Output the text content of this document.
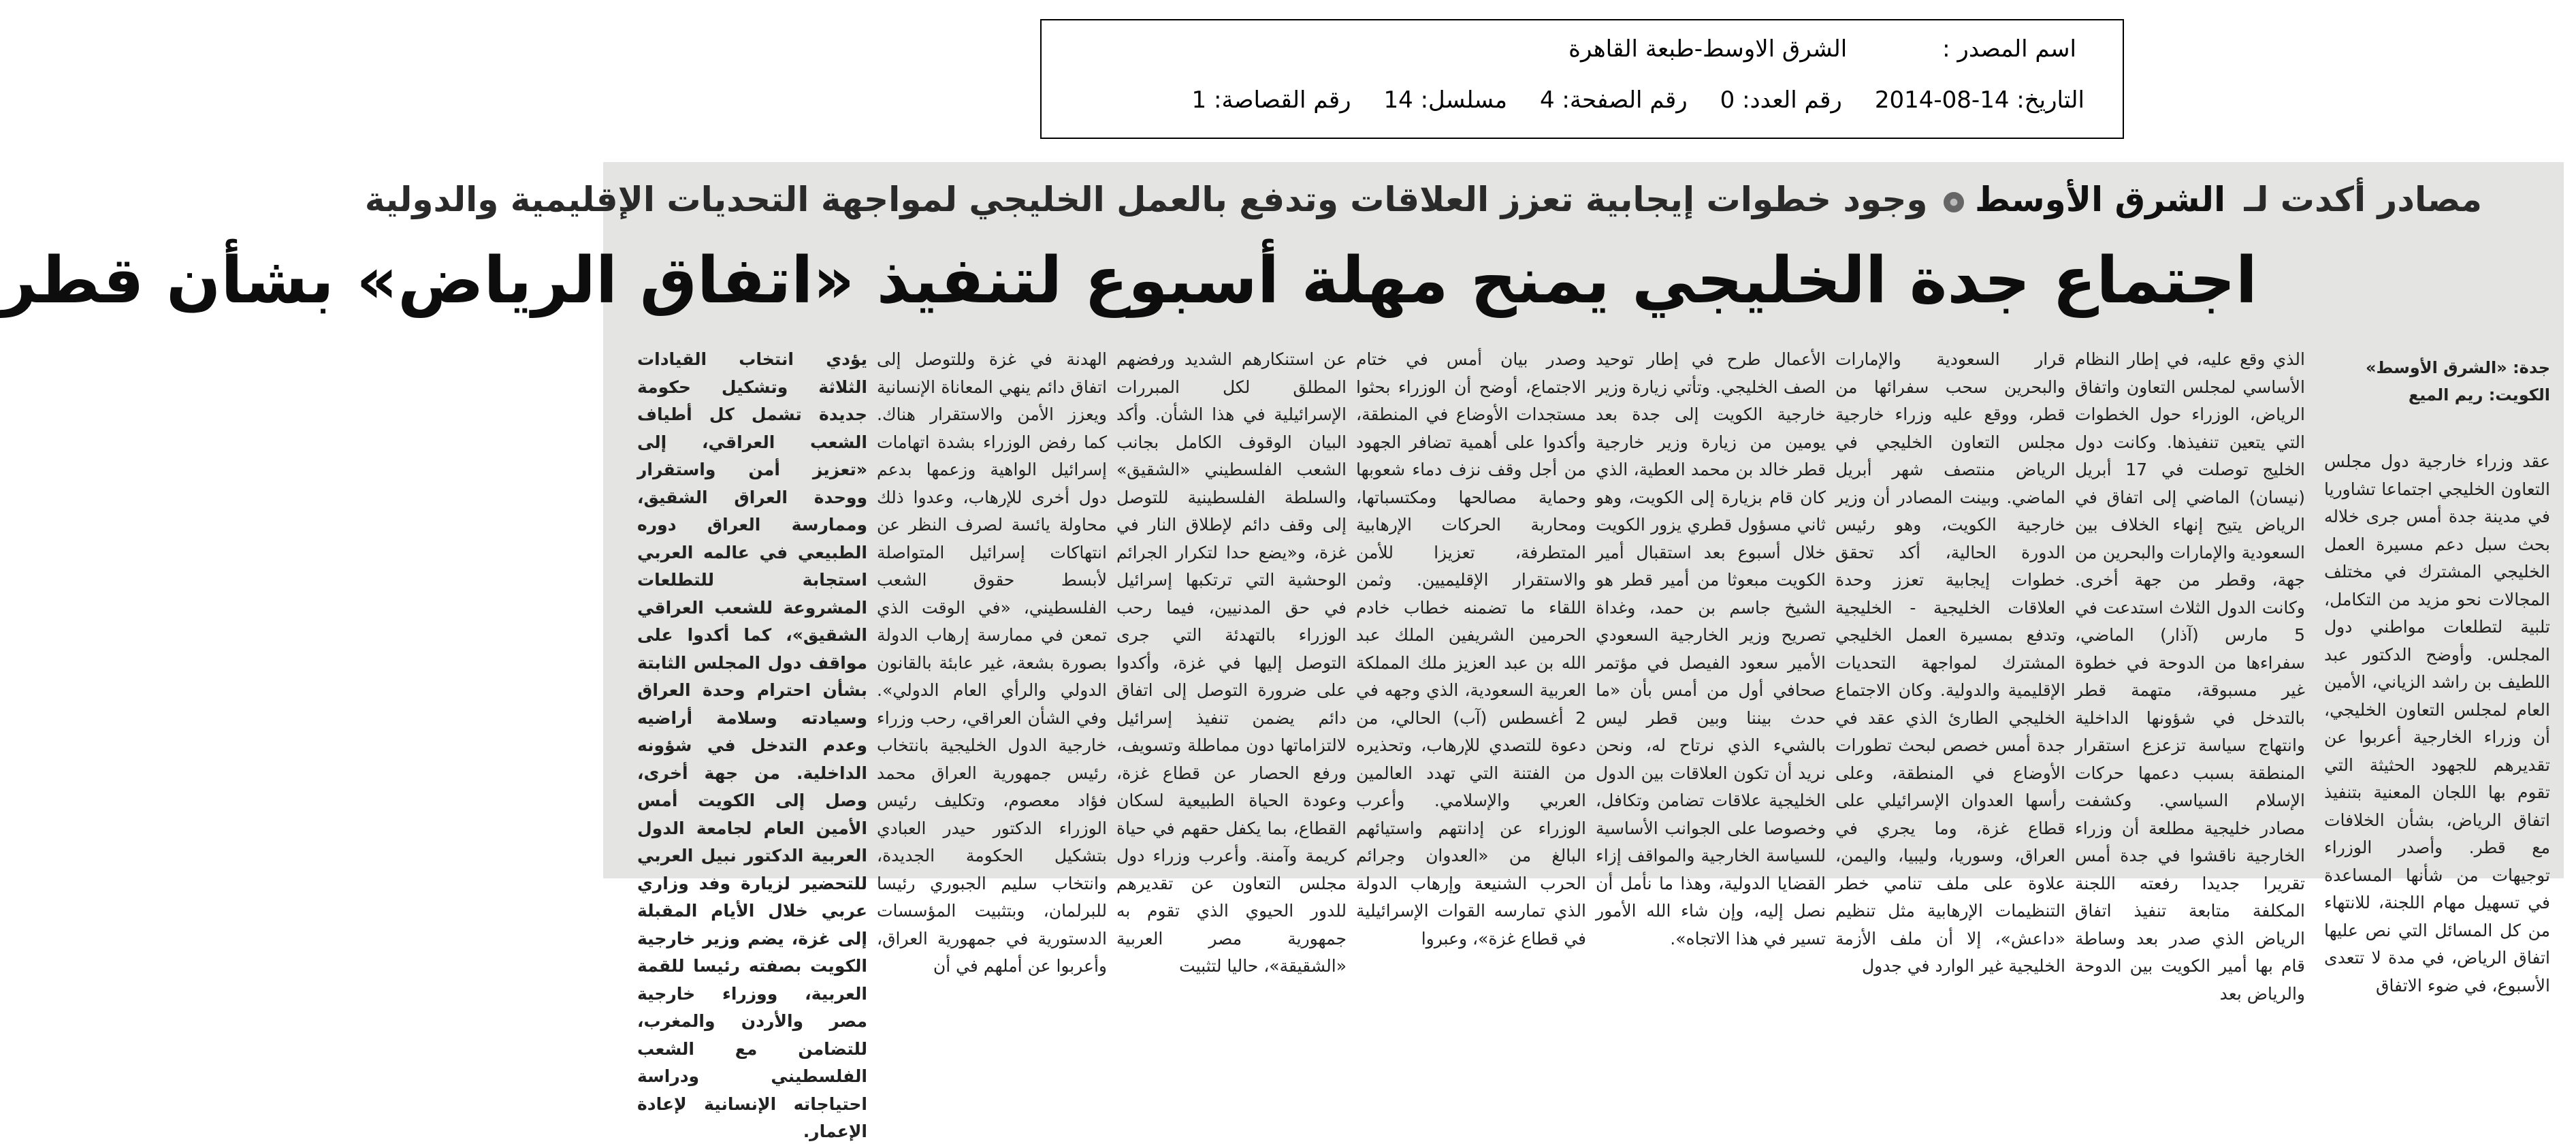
اسم المصدر :الشرق الاوسط-طبعة القاهرة
التاريخ: 14-08-2014رقم العدد: 0رقم الصفحة: 4مسلسل: 14رقم القصاصة: 1
مصادر أكدت لـ الشرق الأوسط وجود خطوات إيجابية تعزز العلاقات وتدفع بالعمل الخليجي لمواجهة التحديات الإقليمية والدولية
اجتماع جدة الخليجي يمنح مهلة أسبوع لتنفيذ «اتفاق الرياض» بشأن قطر
جدة: «الشرق الأوسط» الكويت: ريم الميع
عقد وزراء خارجية دول مجلس التعاون الخليجي اجتماعا تشاوريا في مدينة جدة أمس جرى خلاله بحث سبل دعم مسيرة العمل الخليجي المشترك في مختلف المجالات نحو مزيد من التكامل، تلبية لتطلعات مواطني دول المجلس. وأوضح الدكتور عبد اللطيف بن راشد الزياني، الأمين العام لمجلس التعاون الخليجي، أن وزراء الخارجية أعربوا عن تقديرهم للجهود الحثيثة التي تقوم بها اللجان المعنية بتنفيذ اتفاق الرياض، بشأن الخلافات مع قطر. وأصدر الوزراء توجيهات من شأنها المساعدة في تسهيل مهام اللجنة، للانتهاء من كل المسائل التي نص عليها اتفاق الرياض، في مدة لا تتعدى الأسبوع، في ضوء الاتفاق
الذي وقع عليه، في إطار النظام الأساسي لمجلس التعاون واتفاق الرياض، الوزراء حول الخطوات التي يتعين تنفيذها. وكانت دول الخليج توصلت في 17 أبريل (نيسان) الماضي إلى اتفاق في الرياض يتيح إنهاء الخلاف بين السعودية والإمارات والبحرين من جهة، وقطر من جهة أخرى. وكانت الدول الثلاث استدعت في 5 مارس (آذار) الماضي، سفراءها من الدوحة في خطوة غير مسبوقة، متهمة قطر بالتدخل في شؤونها الداخلية وانتهاج سياسة تزعزع استقرار المنطقة بسبب دعمها حركات الإسلام السياسي. وكشفت مصادر خليجية مطلعة أن وزراء الخارجية ناقشوا في جدة أمس تقريرا جديدا رفعته اللجنة المكلفة متابعة تنفيذ اتفاق الرياض الذي صدر بعد وساطة قام بها أمير الكويت بين الدوحة والرياض بعد
قرار السعودية والإمارات والبحرين سحب سفرائها من قطر، ووقع عليه وزراء خارجية مجلس التعاون الخليجي في الرياض منتصف شهر أبريل الماضي. وبينت المصادر أن وزير خارجية الكويت، وهو رئيس الدورة الحالية، أكد تحقق خطوات إيجابية تعزز وحدة العلاقات الخليجية - الخليجية وتدفع بمسيرة العمل الخليجي المشترك لمواجهة التحديات الإقليمية والدولية. وكان الاجتماع الخليجي الطارئ الذي عقد في جدة أمس خصص لبحث تطورات الأوضاع في المنطقة، وعلى رأسها العدوان الإسرائيلي على قطاع غزة، وما يجري في العراق، وسوريا، وليبيا، واليمن، علاوة على ملف تنامي خطر التنظيمات الإرهابية مثل تنظيم «داعش»، إلا أن ملف الأزمة الخليجية غير الوارد في جدول
الأعمال طرح في إطار توحيد الصف الخليجي. وتأتي زيارة وزير خارجية الكويت إلى جدة بعد يومين من زيارة وزير خارجية قطر خالد بن محمد العطية، الذي كان قام بزيارة إلى الكويت، وهو ثاني مسؤول قطري يزور الكويت خلال أسبوع بعد استقبال أمير الكويت مبعوثا من أمير قطر هو الشيخ جاسم بن حمد، وغداة تصريح وزير الخارجية السعودي الأمير سعود الفيصل في مؤتمر صحافي أول من أمس بأن «ما حدث بيننا وبين قطر ليس بالشيء الذي نرتاح له، ونحن نريد أن تكون العلاقات بين الدول الخليجية علاقات تضامن وتكافل، وخصوصا على الجوانب الأساسية للسياسة الخارجية والمواقف إزاء القضايا الدولية، وهذا ما نأمل أن نصل إليه، وإن شاء الله الأمور تسير في هذا الاتجاه».
وصدر بيان أمس في ختام الاجتماع، أوضح أن الوزراء بحثوا مستجدات الأوضاع في المنطقة، وأكدوا على أهمية تضافر الجهود من أجل وقف نزف دماء شعوبها وحماية مصالحها ومكتسباتها، ومحاربة الحركات الإرهابية المتطرفة، تعزيزا للأمن والاستقرار الإقليميين. وثمن اللقاء ما تضمنه خطاب خادم الحرمين الشريفين الملك عبد الله بن عبد العزيز ملك المملكة العربية السعودية، الذي وجهه في 2 أغسطس (آب) الحالي، من دعوة للتصدي للإرهاب، وتحذيره من الفتنة التي تهدد العالمين العربي والإسلامي. وأعرب الوزراء عن إدانتهم واستيائهم البالغ من «العدوان وجرائم الحرب الشنيعة وإرهاب الدولة الذي تمارسه القوات الإسرائيلية في قطاع غزة»، وعبروا
عن استنكارهم الشديد ورفضهم المطلق لكل المبررات الإسرائيلية في هذا الشأن. وأكد البيان الوقوف الكامل بجانب الشعب الفلسطيني «الشقيق» والسلطة الفلسطينية للتوصل إلى وقف دائم لإطلاق النار في غزة، و«يضع حدا لتكرار الجرائم الوحشية التي ترتكبها إسرائيل في حق المدنيين، فيما رحب الوزراء بالتهدئة التي جرى التوصل إليها في غزة، وأكدوا على ضرورة التوصل إلى اتفاق دائم يضمن تنفيذ إسرائيل لالتزاماتها دون مماطلة وتسويف، ورفع الحصار عن قطاع غزة، وعودة الحياة الطبيعية لسكان القطاع، بما يكفل حقهم في حياة كريمة وآمنة. وأعرب وزراء دول مجلس التعاون عن تقديرهم للدور الحيوي الذي تقوم به جمهورية مصر العربية «الشقيقة»، حاليا لتثبيت
الهدنة في غزة وللتوصل إلى اتفاق دائم ينهي المعاناة الإنسانية ويعزز الأمن والاستقرار هناك. كما رفض الوزراء بشدة اتهامات إسرائيل الواهية وزعمها بدعم دول أخرى للإرهاب، وعدوا ذلك محاولة يائسة لصرف النظر عن انتهاكات إسرائيل المتواصلة لأبسط حقوق الشعب الفلسطيني، «في الوقت الذي تمعن في ممارسة إرهاب الدولة بصورة بشعة، غير عابئة بالقانون الدولي والرأي العام الدولي». وفي الشأن العراقي، رحب وزراء خارجية الدول الخليجية بانتخاب رئيس جمهورية العراق محمد فؤاد معصوم، وتكليف رئيس الوزراء الدكتور حيدر العبادي بتشكيل الحكومة الجديدة، وانتخاب سليم الجبوري رئيسا للبرلمان، وبتثبيت المؤسسات الدستورية في جمهورية العراق، وأعربوا عن أملهم في أن
يؤدي انتخاب القيادات الثلاثة وتشكيل حكومة جديدة تشمل كل أطياف الشعب العراقي، إلى «تعزيز أمن واستقرار ووحدة العراق الشقيق، وممارسة العراق دوره الطبيعي في عالمه العربي استجابة للتطلعات المشروعة للشعب العراقي الشقيق»، كما أكدوا على مواقف دول المجلس الثابتة بشأن احترام وحدة العراق وسيادته وسلامة أراضيه وعدم التدخل في شؤونه الداخلية. من جهة أخرى، وصل إلى الكويت أمس الأمين العام لجامعة الدول العربية الدكتور نبيل العربي للتحضير لزيارة وفد وزاري عربي خلال الأيام المقبلة إلى غزة، يضم وزير خارجية الكويت بصفته رئيسا للقمة العربية، ووزراء خارجية مصر والأردن والمغرب، للتضامن مع الشعب الفلسطيني ودراسة احتياجاته الإنسانية لإعادة الإعمار.
